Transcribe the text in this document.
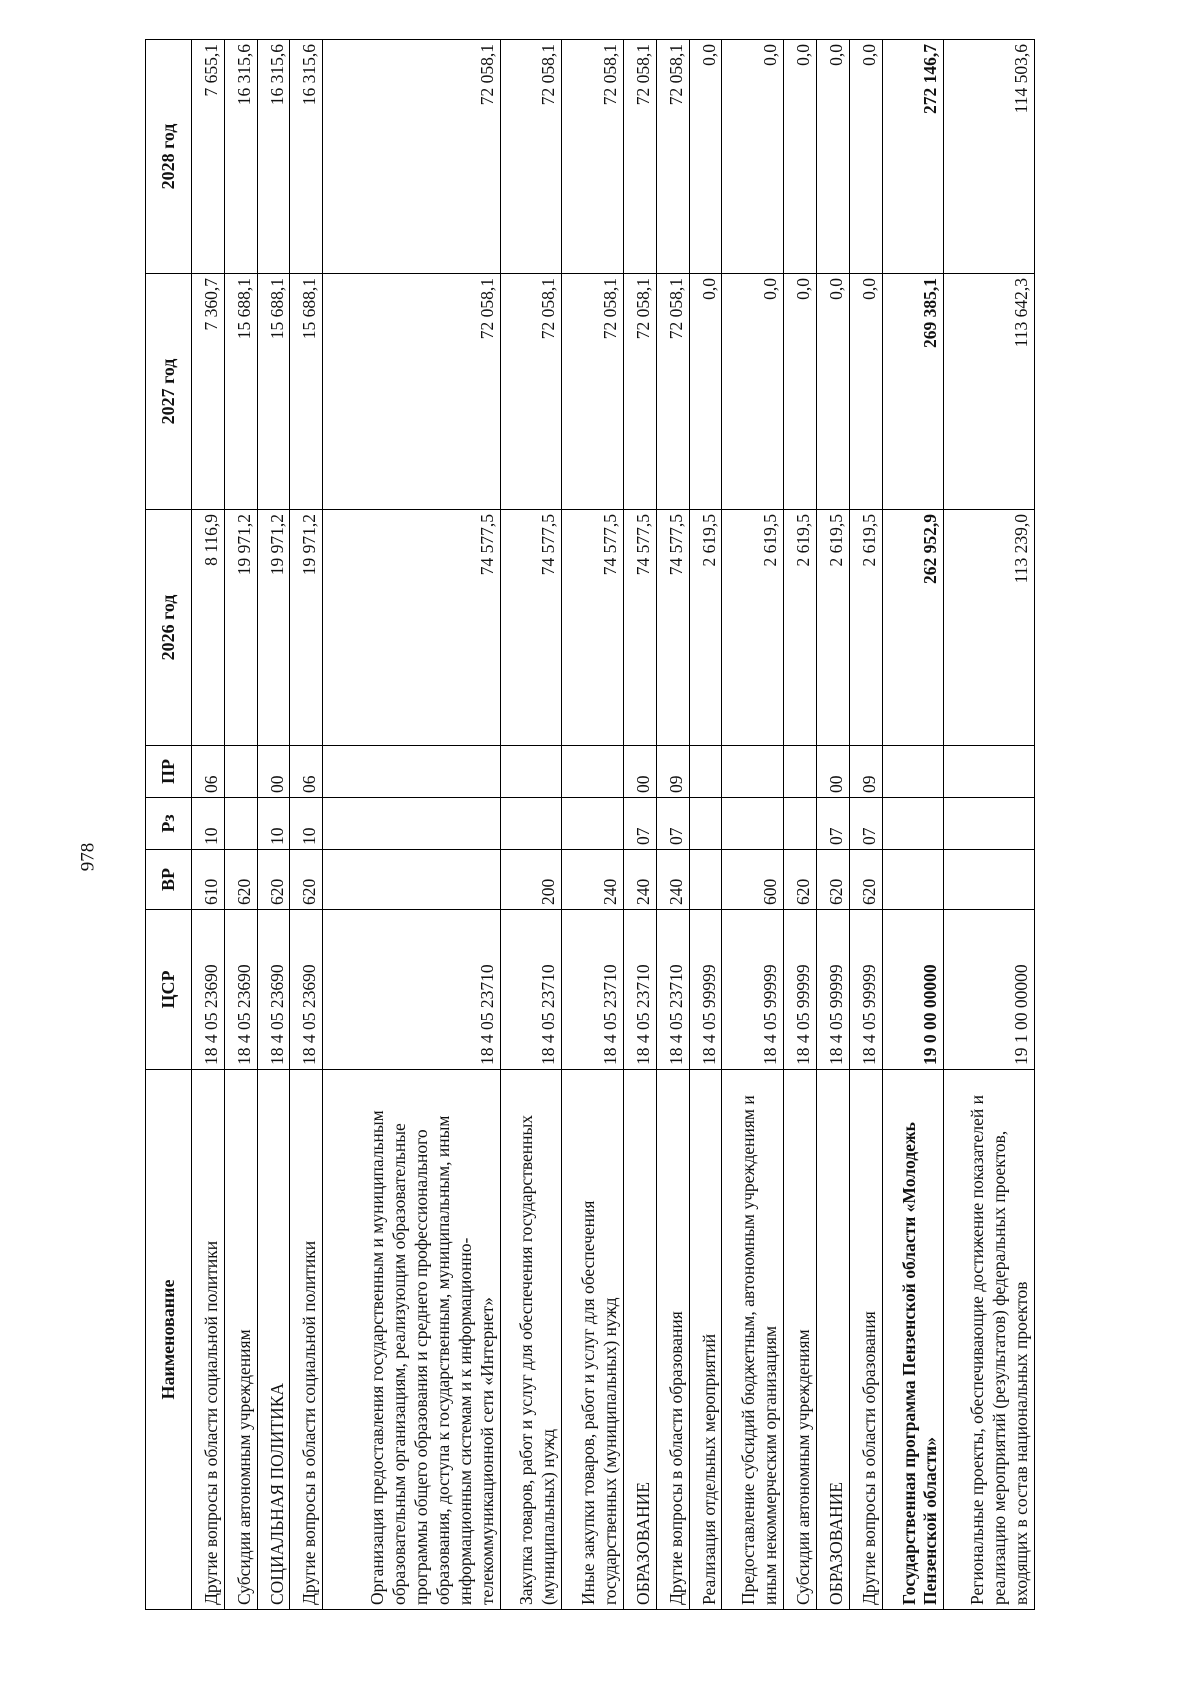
978
Наименование	ЦСР	ВР	Рз	ПР	2026 год	2027 год	2028 год
Другие вопросы в области социальной политики	18 4 05 23690	610	10	06	8 116,9	7 360,7	7 655,1
Субсидии автономным учреждениям	18 4 05 23690	620			19 971,2	15 688,1	16 315,6
СОЦИАЛЬНАЯ ПОЛИТИКА	18 4 05 23690	620	10	00	19 971,2	15 688,1	16 315,6
Другие вопросы в области социальной политики	18 4 05 23690	620	10	06	19 971,2	15 688,1	16 315,6
Организация предоставления государственным и муниципальным образовательным организациям, реализующим образовательные программы общего образования и среднего профессионального образования, доступа к государственным, муниципальным, иным информационным системам и к информационно-телекоммуникационной сети «Интернет»	18 4 05 23710				74 577,5	72 058,1	72 058,1
Закупка товаров, работ и услуг для обеспечения государственных (муниципальных) нужд	18 4 05 23710	200			74 577,5	72 058,1	72 058,1
Иные закупки товаров, работ и услуг для обеспечения государственных (муниципальных) нужд	18 4 05 23710	240			74 577,5	72 058,1	72 058,1
ОБРАЗОВАНИЕ	18 4 05 23710	240	07	00	74 577,5	72 058,1	72 058,1
Другие вопросы в области образования	18 4 05 23710	240	07	09	74 577,5	72 058,1	72 058,1
Реализация отдельных мероприятий	18 4 05 99999				2 619,5	0,0	0,0
Предоставление субсидий бюджетным, автономным учреждениям и иным некоммерческим организациям	18 4 05 99999	600			2 619,5	0,0	0,0
Субсидии автономным учреждениям	18 4 05 99999	620			2 619,5	0,0	0,0
ОБРАЗОВАНИЕ	18 4 05 99999	620	07	00	2 619,5	0,0	0,0
Другие вопросы в области образования	18 4 05 99999	620	07	09	2 619,5	0,0	0,0
Государственная программа Пензенской области «Молодежь Пензенской области»	19 0 00 00000				262 952,9	269 385,1	272 146,7
Региональные проекты, обеспечивающие достижение показателей и реализацию мероприятий (результатов) федеральных проектов, входящих в состав национальных проектов	19 1 00 00000				113 239,0	113 642,3	114 503,6
